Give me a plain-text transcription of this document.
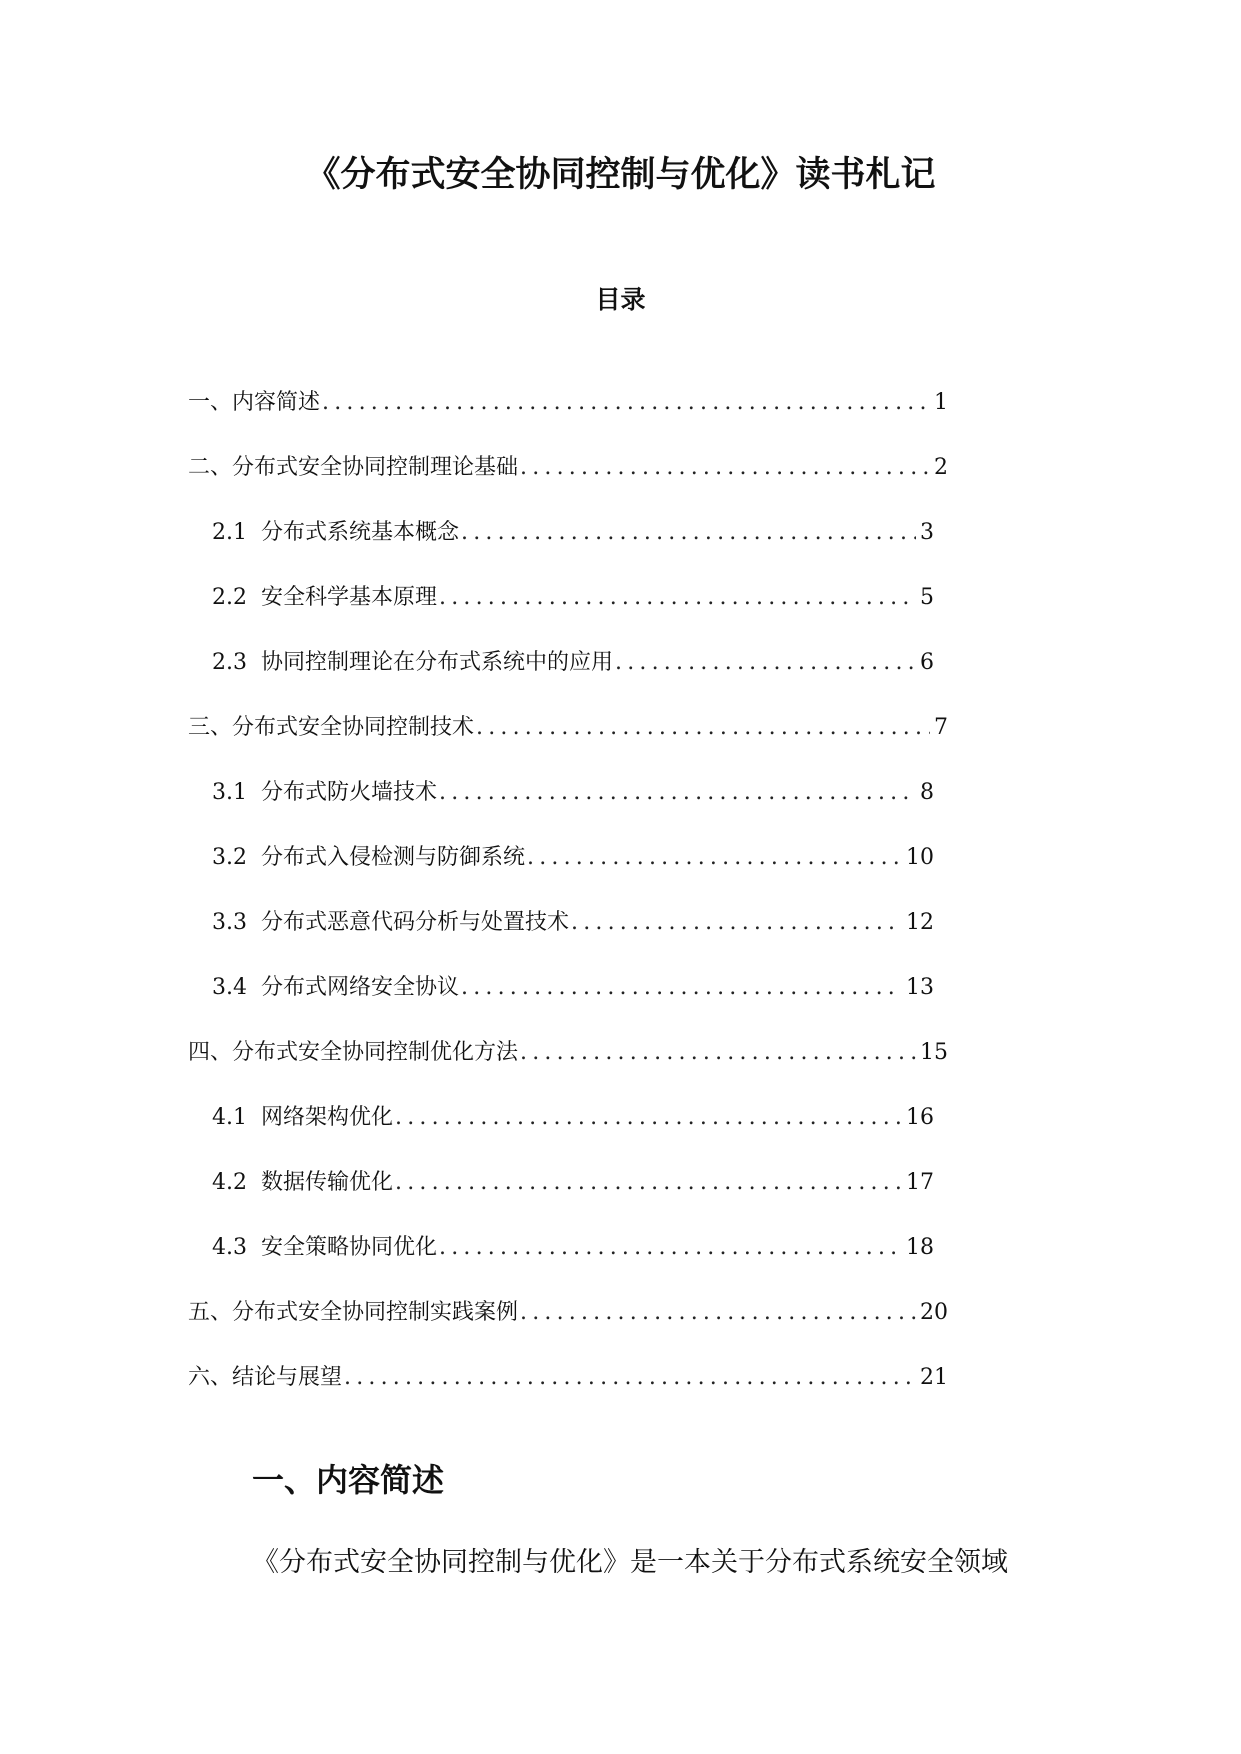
《分布式安全协同控制与优化》读书札记
目录
一、内容简述 .....	1
二、分布式安全协同控制理论基础 .....	2
2.1 分布式系统基本概念 .....	3
2.2 安全科学基本原理 .....	5
2.3 协同控制理论在分布式系统中的应用 .....	6
三、分布式安全协同控制技术 .....	7
3.1 分布式防火墙技术 .....	8
3.2 分布式入侵检测与防御系统 .....	10
3.3 分布式恶意代码分析与处置技术 .....	12
3.4 分布式网络安全协议 .....	13
四、分布式安全协同控制优化方法 .....	15
4.1 网络架构优化 .....	16
4.2 数据传输优化 .....	17
4.3 安全策略协同优化 .....	18
五、分布式安全协同控制实践案例 .....	20
六、结论与展望 .....	21
一、内容简述

《分布式安全协同控制与优化》是一本关于分布式系统安全领域
